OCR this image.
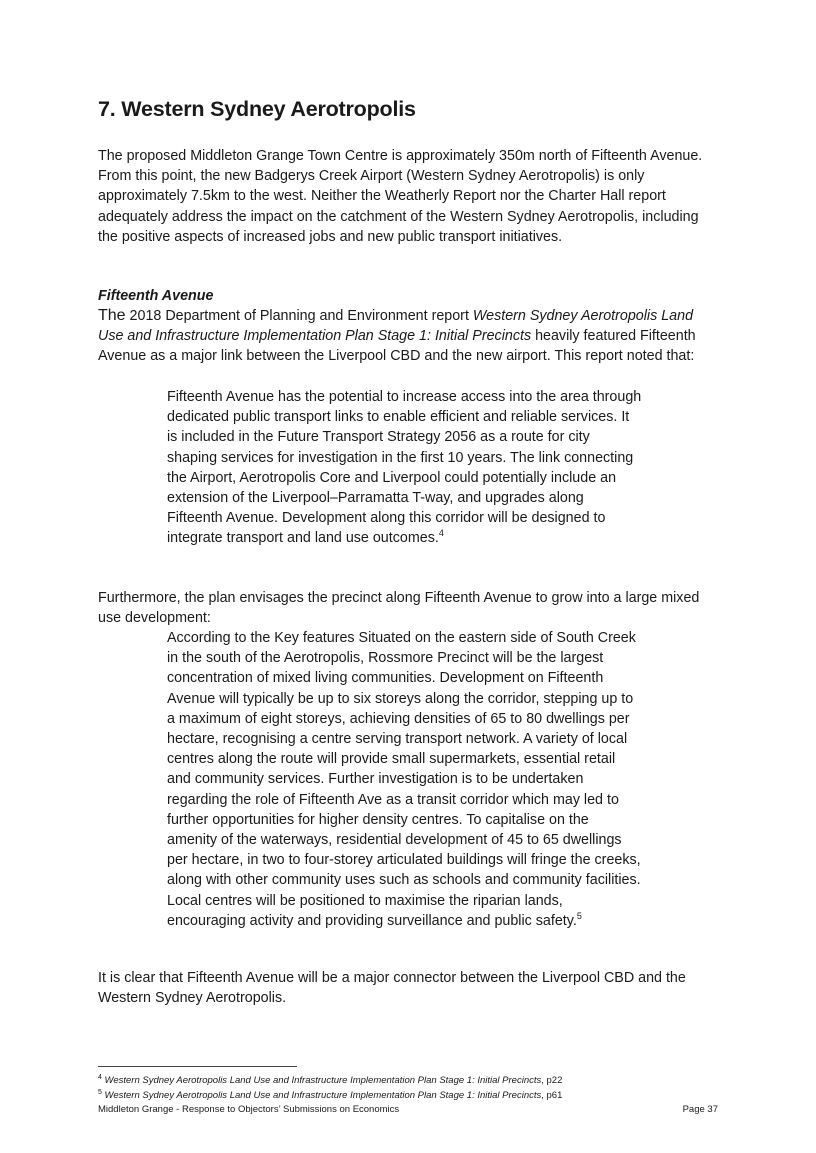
7. Western Sydney Aerotropolis

The proposed Middleton Grange Town Centre is approximately 350m north of Fifteenth Avenue. From this point, the new Badgerys Creek Airport (Western Sydney Aerotropolis) is only approximately 7.5km to the west. Neither the Weatherly Report nor the Charter Hall report adequately address the impact on the catchment of the Western Sydney Aerotropolis, including the positive aspects of increased jobs and new public transport initiatives.

Fifteenth Avenue

The 2018 Department of Planning and Environment report Western Sydney Aerotropolis Land Use and Infrastructure Implementation Plan Stage 1: Initial Precincts heavily featured Fifteenth Avenue as a major link between the Liverpool CBD and the new airport. This report noted that:

Fifteenth Avenue has the potential to increase access into the area through dedicated public transport links to enable efficient and reliable services. It is included in the Future Transport Strategy 2056 as a route for city shaping services for investigation in the first 10 years. The link connecting the Airport, Aerotropolis Core and Liverpool could potentially include an extension of the Liverpool–Parramatta T-way, and upgrades along Fifteenth Avenue. Development along this corridor will be designed to integrate transport and land use outcomes.$^4$

Furthermore, the plan envisages the precinct along Fifteenth Avenue to grow into a large mixed use development:

According to the Key features Situated on the eastern side of South Creek in the south of the Aerotropolis, Rossmore Precinct will be the largest concentration of mixed living communities. Development on Fifteenth Avenue will typically be up to six storeys along the corridor, stepping up to a maximum of eight storeys, achieving densities of 65 to 80 dwellings per hectare, recognising a centre serving transport network. A variety of local centres along the route will provide small supermarkets, essential retail and community services. Further investigation is to be undertaken regarding the role of Fifteenth Ave as a transit corridor which may led to further opportunities for higher density centres. To capitalise on the amenity of the waterways, residential development of 45 to 65 dwellings per hectare, in two to four-storey articulated buildings will fringe the creeks, along with other community uses such as schools and community facilities. Local centres will be positioned to maximise the riparian lands, encouraging activity and providing surveillance and public safety.$^5$

It is clear that Fifteenth Avenue will be a major connector between the Liverpool CBD and the Western Sydney Aerotropolis.

$^4$ Western Sydney Aerotropolis Land Use and Infrastructure Implementation Plan Stage 1: Initial Precincts, p22

$^5$ Western Sydney Aerotropolis Land Use and Infrastructure Implementation Plan Stage 1: Initial Precincts, p61

Middleton Grange - Response to Objectors’ Submissions on Economics	Page 37
